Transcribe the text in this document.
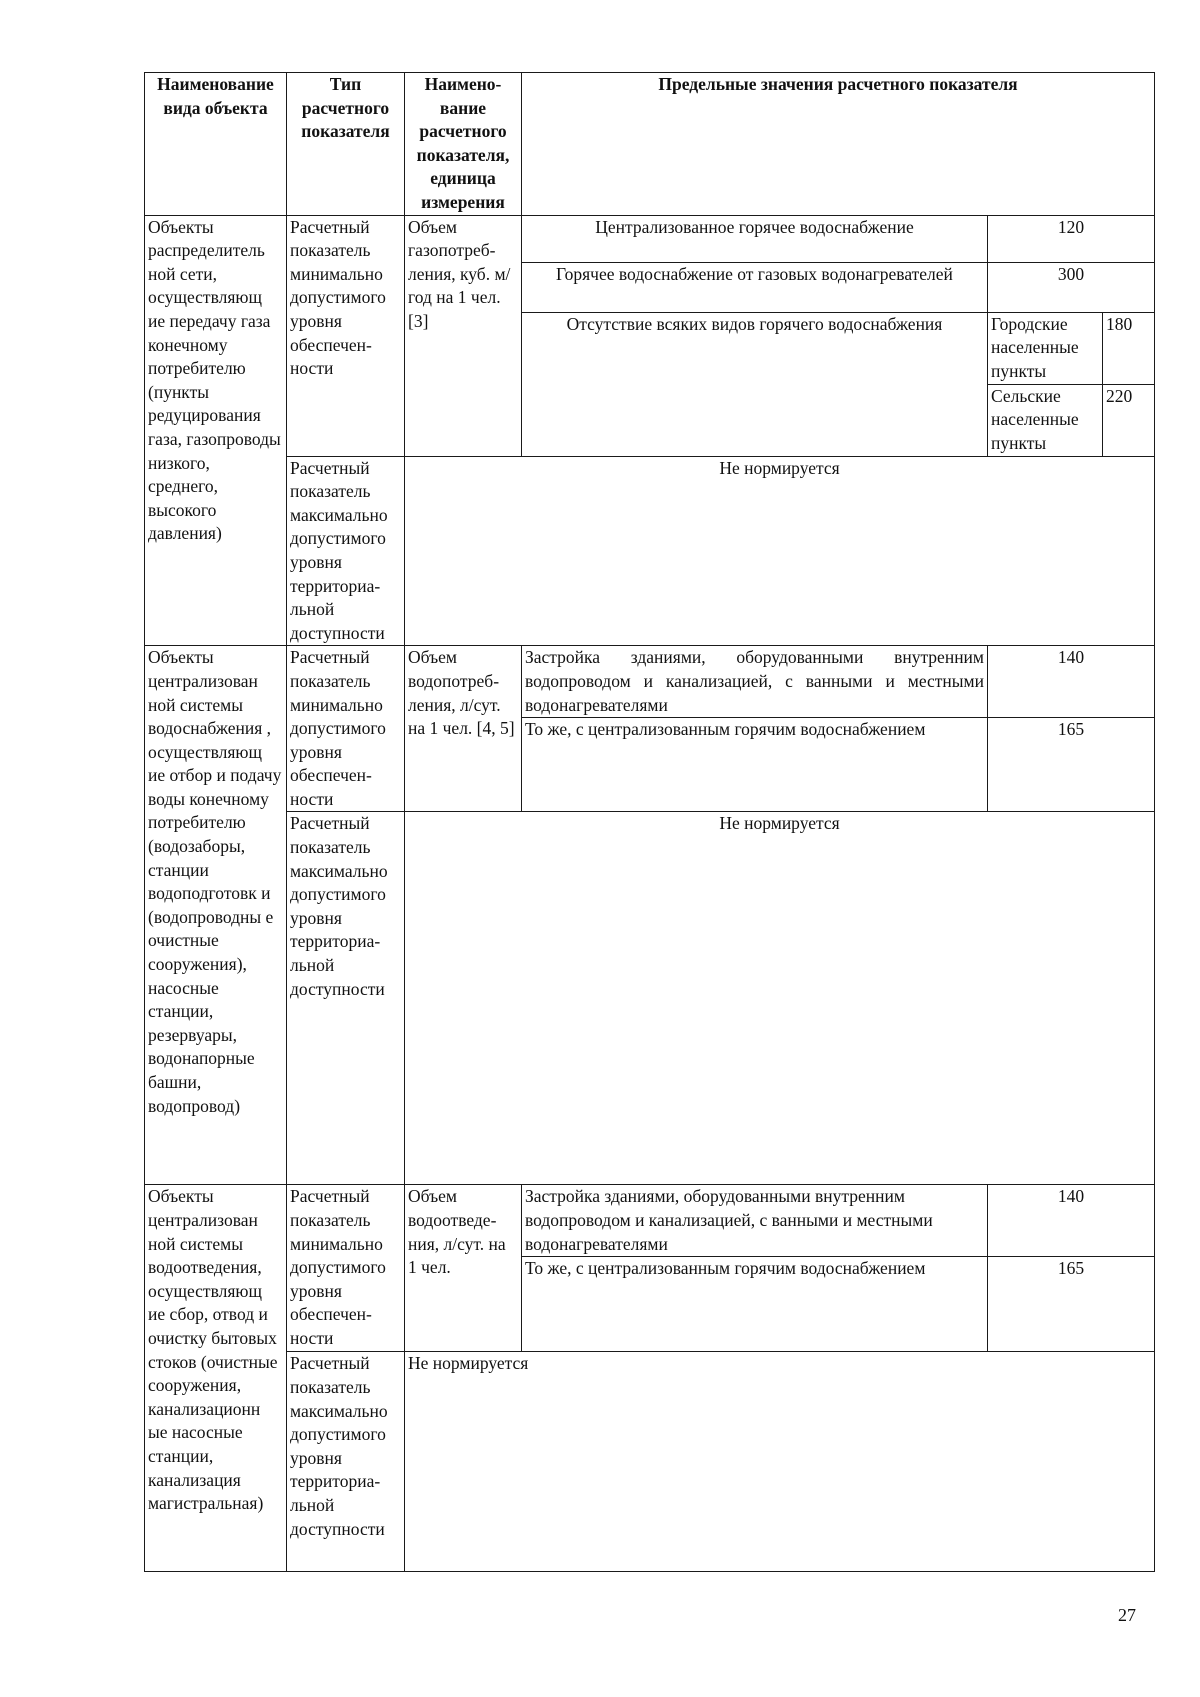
Наименование вида объекта	Тип расчетного показателя	Наимено-вание расчетного показателя, единица измерения	Предельные значения расчетного показателя		
Объекты распределитель ной сети, осуществляющ ие передачу газа конечному потребителю (пункты редуцирования газа, газопроводы низкого, среднего, высокого давления)	Расчетный показатель минимально допустимого уровня обеспечен-ности	Объем газопотреб-ления, куб. м/год на 1 чел. [3]	Централизованное горячее водоснабжение	120	
			Горячее водоснабжение от газовых водонагревателей	300	
			Отсутствие всяких видов горячего водоснабжения	Городские населенные пункты	180
				Сельские населенные пункты	220
	Расчетный показатель максимально допустимого уровня территориа-льной доступности	Не нормируется			
Объекты централизован ной системы водоснабжения , осуществляющ ие отбор и подачу воды конечному потребителю (водозаборы, станции водоподготовк и (водопроводны е очистные сооружения), насосные станции, резервуары, водонапорные башни, водопровод)	Расчетный показатель минимально допустимого уровня обеспечен-ности	Объем водопотреб-ления, л/сут. на 1 чел. [4, 5]	Застройка зданиями, оборудованными внутренним водопроводом и канализацией, с ванными и местными водонагревателями	140	
			То же, с централизованным горячим водоснабжением	165	
	Расчетный показатель максимально допустимого уровня территориа-льной доступности	Не нормируется			
Объекты централизован ной системы водоотведения, осуществляющ ие сбор, отвод и очистку бытовых стоков (очистные сооружения, канализационн ые насосные станции, канализация магистральная)	Расчетный показатель минимально допустимого уровня обеспечен-ности	Объем водоотведе-ния, л/сут. на 1 чел.	Застройка зданиями, оборудованными внутренним водопроводом и канализацией, с ванными и местными водонагревателями	140	
			То же, с централизованным горячим водоснабжением	165	
	Расчетный показатель максимально допустимого уровня территориа-льной доступности	Не нормируется			
27
